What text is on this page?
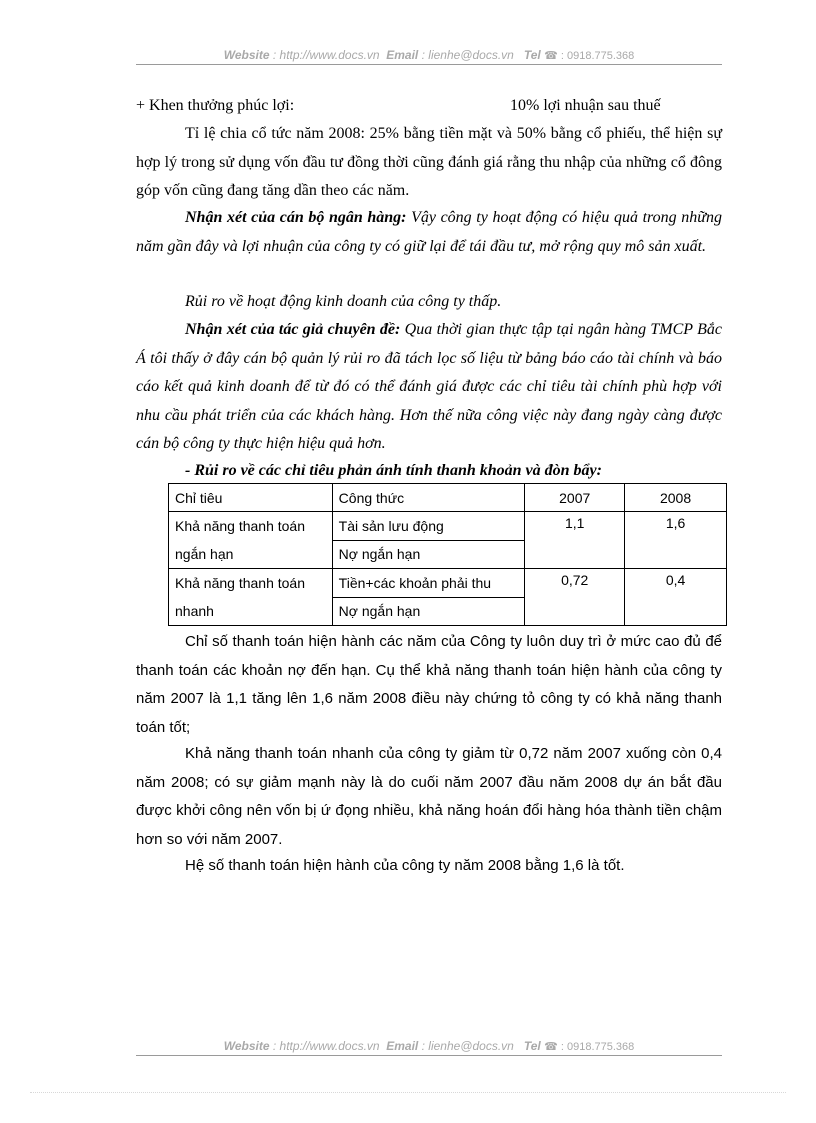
Website : http://www.docs.vn Email : lienhe@docs.vn Tel ☎ : 0918.775.368
+ Khen thưởng phúc lợi:	10% lợi nhuận sau thuế
Tỉ lệ chia cổ tức năm 2008: 25% bằng tiền mặt và 50% bằng cổ phiếu, thể hiện sự hợp lý trong sử dụng vốn đầu tư đồng thời cũng đánh giá rằng thu nhập của những cổ đông góp vốn cũng đang tăng dần theo các năm.
Nhận xét của cán bộ ngân hàng: Vậy công ty hoạt động có hiệu quả trong những năm gần đây và lợi nhuận của công ty có giữ lại để tái đầu tư, mở rộng quy mô sản xuất.
Rủi ro về hoạt động kinh doanh của công ty thấp.
Nhận xét của tác giả chuyên đề: Qua thời gian thực tập tại ngân hàng TMCP Bắc Á tôi thấy ở đây cán bộ quản lý rủi ro đã tách lọc số liệu từ bảng báo cáo tài chính và báo cáo kết quả kinh doanh để từ đó có thể đánh giá được các chỉ tiêu tài chính phù hợp với nhu cầu phát triển của các khách hàng. Hơn thế nữa công việc này đang ngày càng được cán bộ công ty thực hiện hiệu quả hơn.
- Rủi ro về các chỉ tiêu phản ánh tính thanh khoản và đòn bẩy:
Chỉ tiêu	Công thức	2007	2008
Khả năng thanh toán ngắn hạn	Tài sản lưu động	1,1	1,6
	Nợ ngắn hạn		
Khả năng thanh toán nhanh	Tiền+các khoản phải thu	0,72	0,4
	Nợ ngắn hạn		
Chỉ số thanh toán hiện hành các năm của Công ty luôn duy trì ở mức cao đủ để thanh toán các khoản nợ đến hạn. Cụ thể khả năng thanh toán hiện hành của công ty năm 2007 là 1,1 tăng lên 1,6 năm 2008 điều này chứng tỏ công ty có khả năng thanh toán tốt;
Khả năng thanh toán nhanh của công ty giảm từ 0,72 năm 2007 xuống còn 0,4 năm 2008; có sự giảm mạnh này là do cuối năm 2007 đầu năm 2008 dự án bắt đầu được khởi công nên vốn bị ứ đọng nhiều, khả năng hoán đổi hàng hóa thành tiền chậm hơn so với năm 2007.
Hệ số thanh toán hiện hành của công ty năm 2008 bằng 1,6 là tốt.
Website : http://www.docs.vn Email : lienhe@docs.vn Tel ☎ : 0918.775.368
